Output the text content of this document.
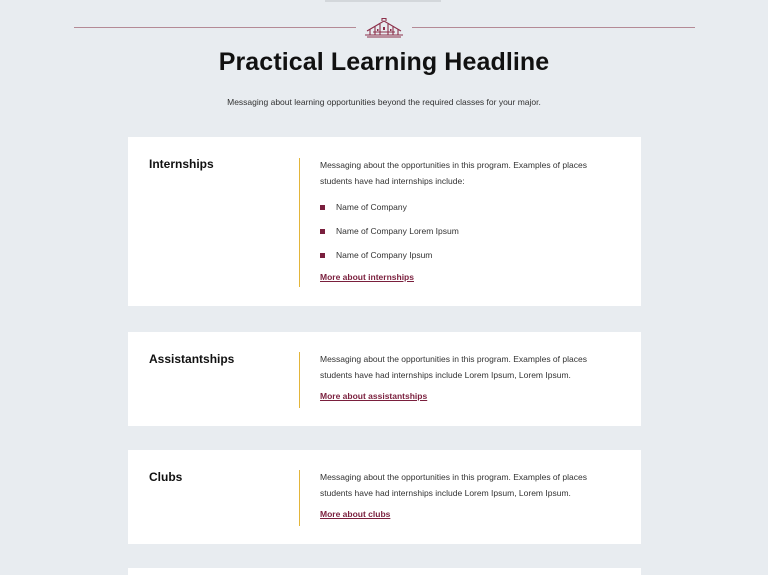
Practical Learning Headline

Messaging about learning opportunities beyond the required classes for your major.

Internships	Messaging about the opportunities in this program. Examples of places students have had internships include:

Name of Company
Name of Company Lorem Ipsum
Name of Company Ipsum
More about internships
Assistantships	Messaging about the opportunities in this program. Examples of places students have had internships include Lorem Ipsum, Lorem Ipsum.

More about assistantships
Clubs	Messaging about the opportunities in this program. Examples of places students have had internships include Lorem Ipsum, Lorem Ipsum.

More about clubs
